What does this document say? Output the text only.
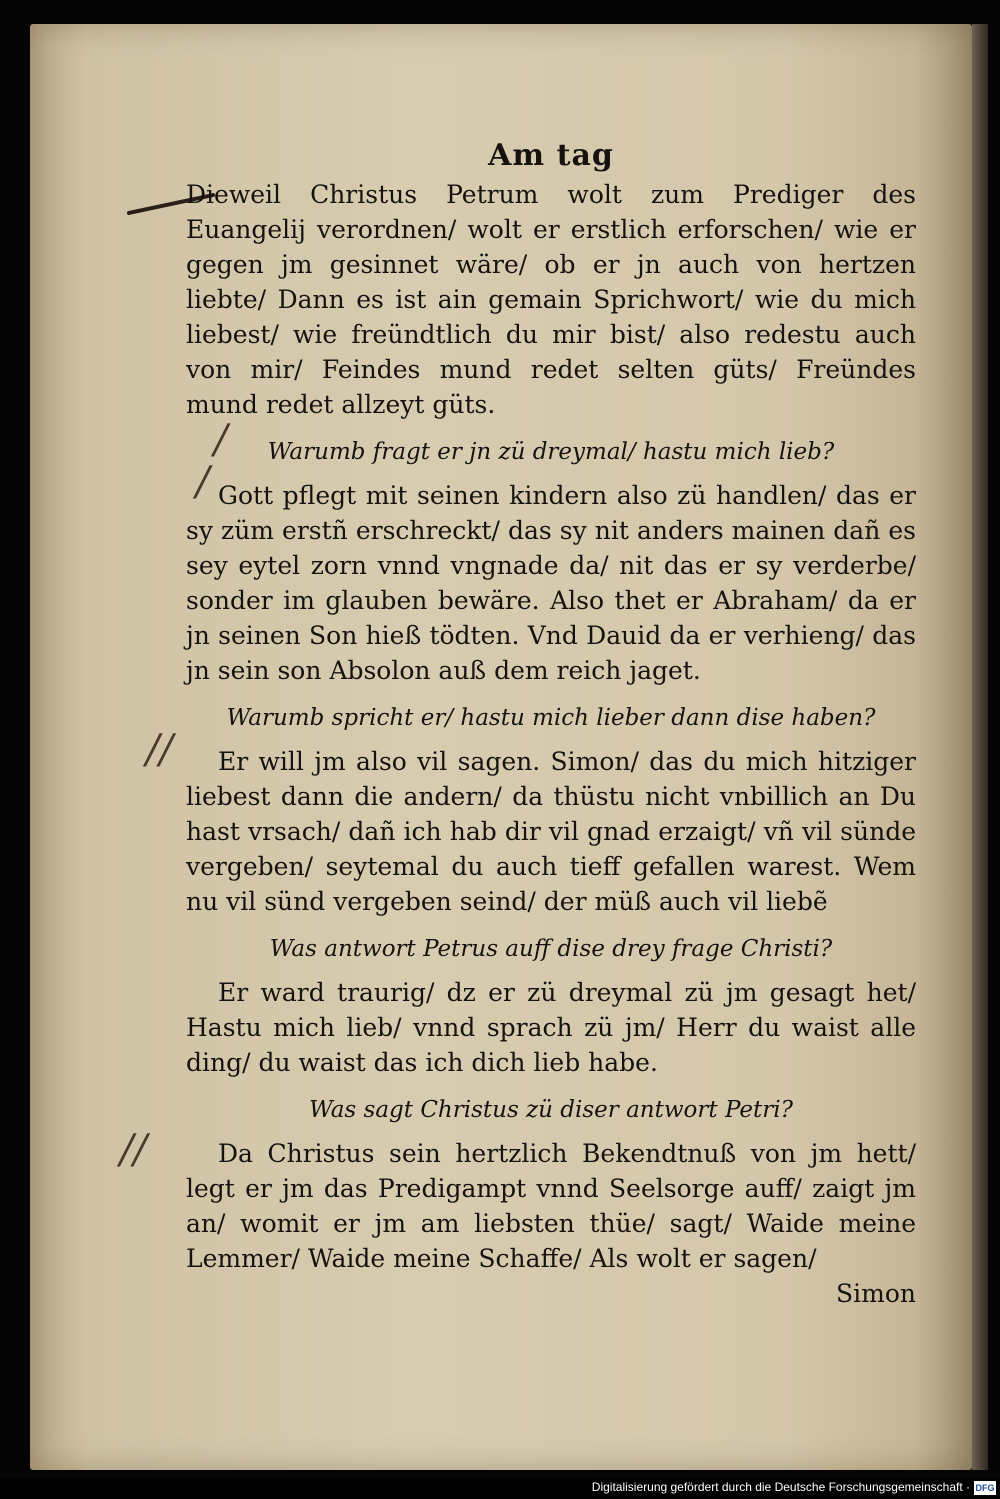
/
/
//
//
Am tag

Dieweil Christus Petrum wolt zum Prediger des Euangelij verordnen/ wolt er erstlich erforschen/ wie er gegen jm gesinnet wäre/ ob er jn auch von hertzen liebte/ Dann es ist ain gemain Sprichwort/ wie du mich liebest/ wie freündtlich du mir bist/ also redestu auch von mir/ Feindes mund redet selten güts/ Freündes mund redet allzeyt güts.

Warumb fragt er jn zü dreymal/ hastu mich lieb?

Gott pflegt mit seinen kindern also zü handlen/ das er sy züm erstñ erschreckt/ das sy nit anders mainen dañ es sey eytel zorn vnnd vngnade da/ nit das er sy verderbe/ sonder im glauben bewäre. Also thet er Abraham/ da er jn seinen Son hieß tödten. Vnd Dauid da er verhieng/ das jn sein son Absolon auß dem reich jaget.

Warumb spricht er/ hastu mich lieber dann dise haben?

Er will jm also vil sagen. Simon/ das du mich hitziger liebest dann die andern/ da thüstu nicht vnbillich an Du hast vrsach/ dañ ich hab dir vil gnad erzaigt/ vñ vil sünde vergeben/ seytemal du auch tieff gefallen warest. Wem nu vil sünd vergeben seind/ der müß auch vil liebẽ

Was antwort Petrus auff dise drey frage Christi?

Er ward traurig/ dz er zü dreymal zü jm gesagt het/ Hastu mich lieb/ vnnd sprach zü jm/ Herr du waist alle ding/ du waist das ich dich lieb habe.

Was sagt Christus zü diser antwort Petri?

Da Christus sein hertzlich Bekendtnuß von jm hett/ legt er jm das Predigampt vnnd Seelsorge auff/ zaigt jm an/ womit er jm am liebsten thüe/ sagt/ Waide meine Lemmer/ Waide meine Schaffe/ Als wolt er sagen/

Simon

Digitalisierung gefördert durch die Deutsche Forschungsgemeinschaft · DFG
